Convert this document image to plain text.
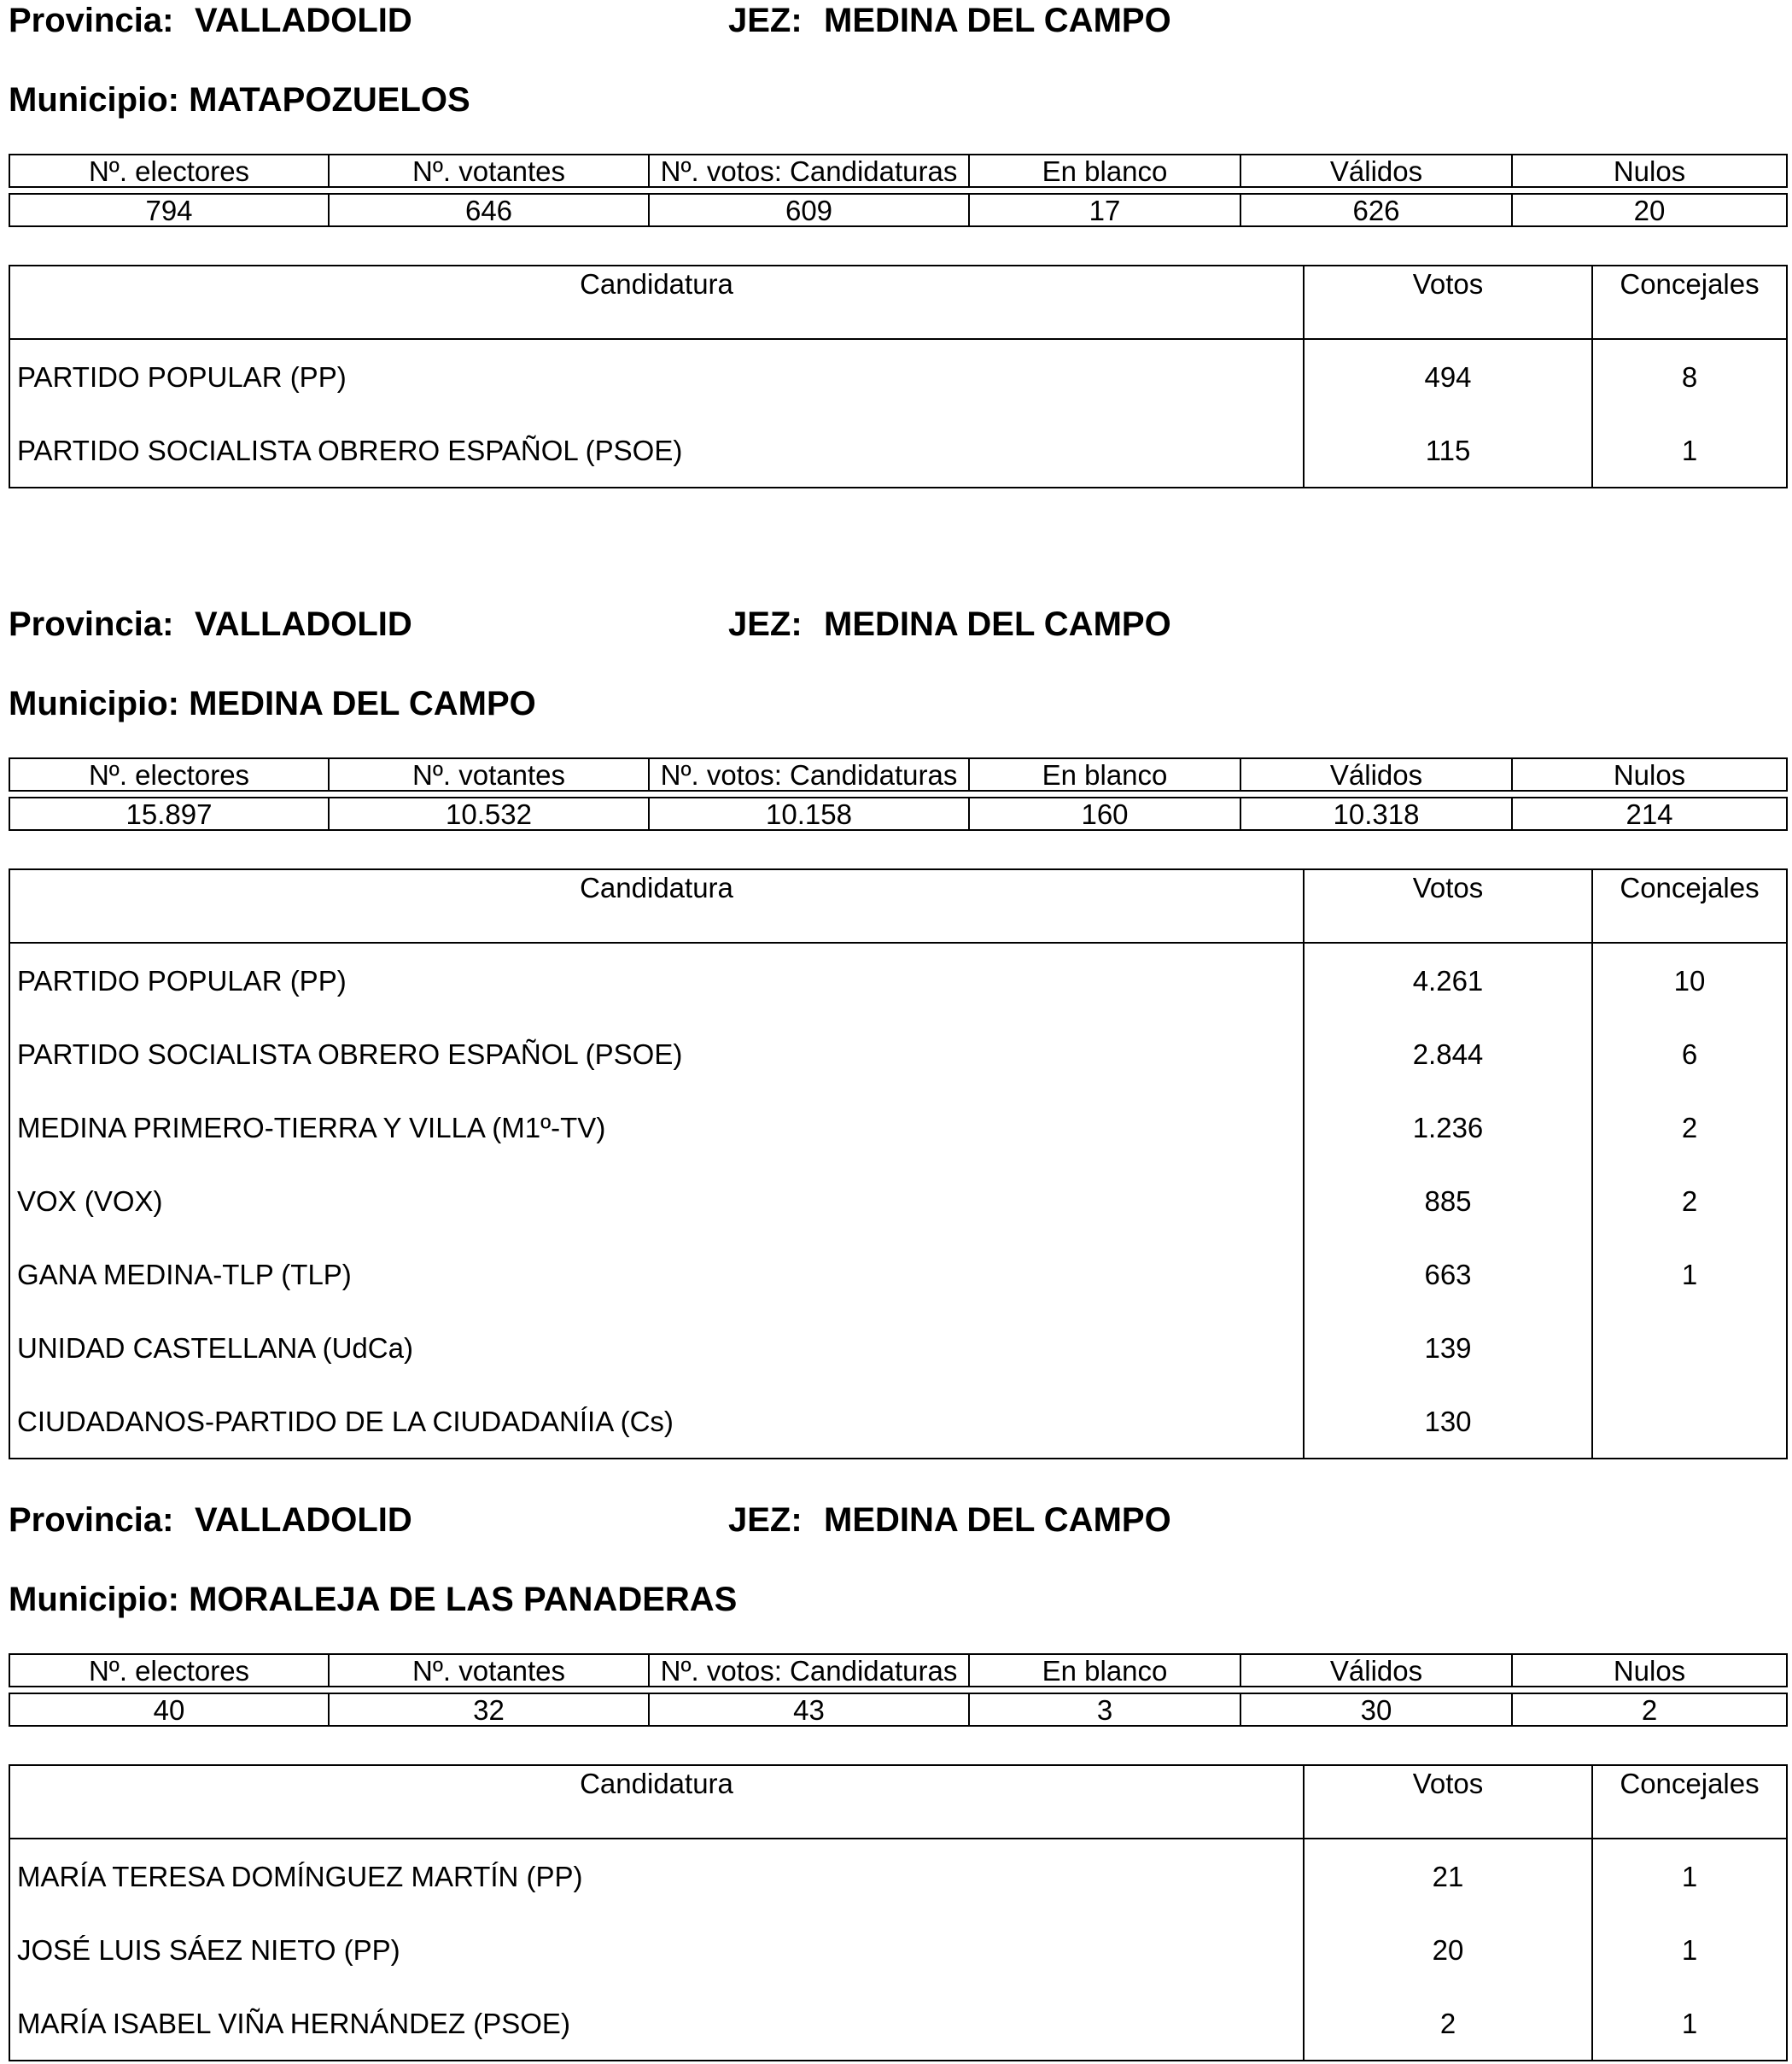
Provincia: VALLADOLID	JEZ: MEDINA DEL CAMPO
Municipio: MATAPOZUELOS
Nº. electores	Nº. votantes	Nº. votos: Candidaturas	En blanco	Válidos	Nulos

794	646	609	17	626	20
Candidatura	Votos	Concejales
PARTIDO POPULAR (PP)	494	8
PARTIDO SOCIALISTA OBRERO ESPAÑOL (PSOE)	115	1
Provincia: VALLADOLID	JEZ: MEDINA DEL CAMPO
Municipio: MEDINA DEL CAMPO
Nº. electores	Nº. votantes	Nº. votos: Candidaturas	En blanco	Válidos	Nulos

15.897	10.532	10.158	160	10.318	214
Candidatura	Votos	Concejales
PARTIDO POPULAR (PP)	4.261	10
PARTIDO SOCIALISTA OBRERO ESPAÑOL (PSOE)	2.844	6
MEDINA PRIMERO-TIERRA Y VILLA (M1º-TV)	1.236	2
VOX (VOX)	885	2
GANA MEDINA-TLP (TLP)	663	1
UNIDAD CASTELLANA (UdCa)	139	
CIUDADANOS-PARTIDO DE LA CIUDADANÍIA (Cs)	130	
Provincia: VALLADOLID	JEZ: MEDINA DEL CAMPO
Municipio: MORALEJA DE LAS PANADERAS
Nº. electores	Nº. votantes	Nº. votos: Candidaturas	En blanco	Válidos	Nulos

40	32	43	3	30	2
Candidatura	Votos	Concejales
MARÍA TERESA DOMÍNGUEZ MARTÍN (PP)	21	1
JOSÉ LUIS SÁEZ NIETO (PP)	20	1
MARÍA ISABEL VIÑA HERNÁNDEZ (PSOE)	2	1
